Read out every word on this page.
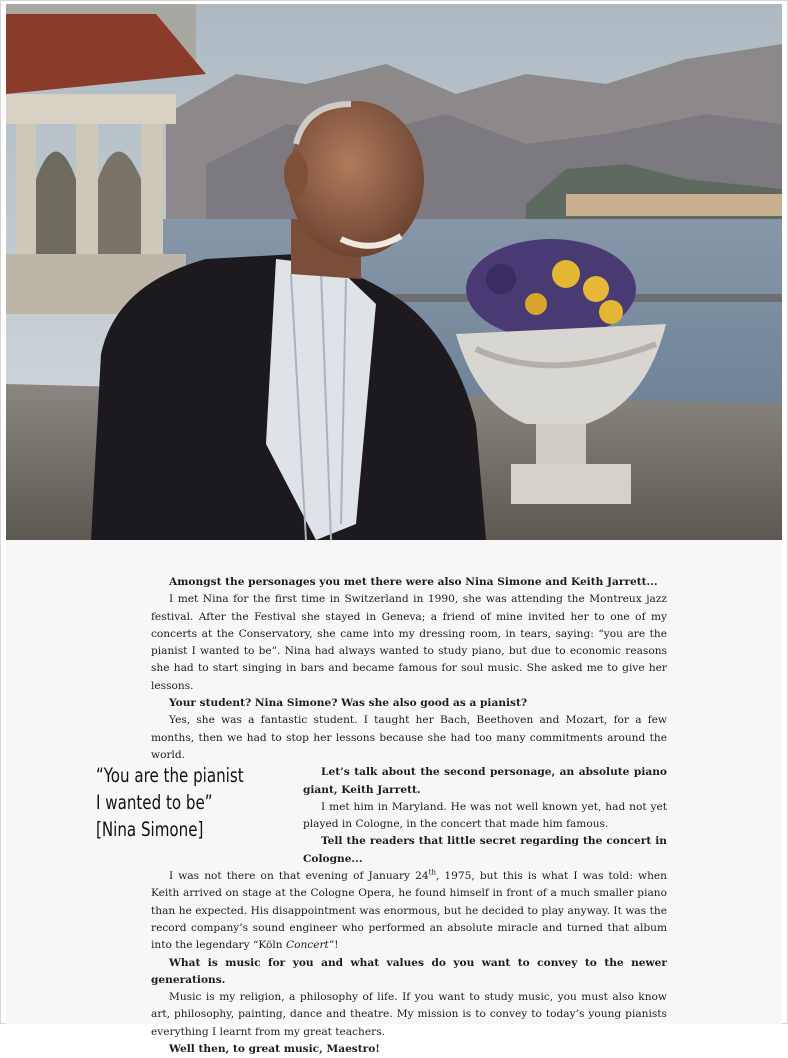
“You are the pianist
I wanted to be”
[Nina Simone]

Amongst the personages you met there were also Nina Simone and Keith Jarrett...

I met Nina for the first time in Switzerland in 1990, she was attending the Montreux jazz festival. After the Festival she stayed in Geneva; a friend of mine invited her to one of my concerts at the Conservatory, she came into my dressing room, in tears, saying: “you are the pianist I wanted to be”. Nina had always wanted to study piano, but due to economic reasons she had to start singing in bars and became famous for soul music. She asked me to give her lessons.

Your student? Nina Simone? Was she also good as a pianist?

Yes, she was a fantastic student. I taught her Bach, Beethoven and Mozart, for a few months, then we had to stop her lessons because she had too many commitments around the world.

Let’s talk about the second personage, an absolute piano giant, Keith Jarrett.

I met him in Maryland. He was not well known yet, had not yet played in Cologne, in the concert that made him famous.

Tell the readers that little secret regarding the concert in Cologne...

I was not there on that evening of January 24th, 1975, but this is what I was told: when Keith arrived on stage at the Cologne Opera, he found himself in front of a much smaller piano than he expected. His disappointment was enormous, but he decided to play anyway. It was the record company’s sound engineer who performed an absolute miracle and turned that album into the legendary “Köln Concert”!

What is music for you and what values do you want to convey to the newer generations.

Music is my religion, a philosophy of life. If you want to study music, you must also know art, philosophy, painting, dance and theatre. My mission is to convey to today’s young pianists everything I learnt from my great teachers.

Well then, to great music, Maestro!
